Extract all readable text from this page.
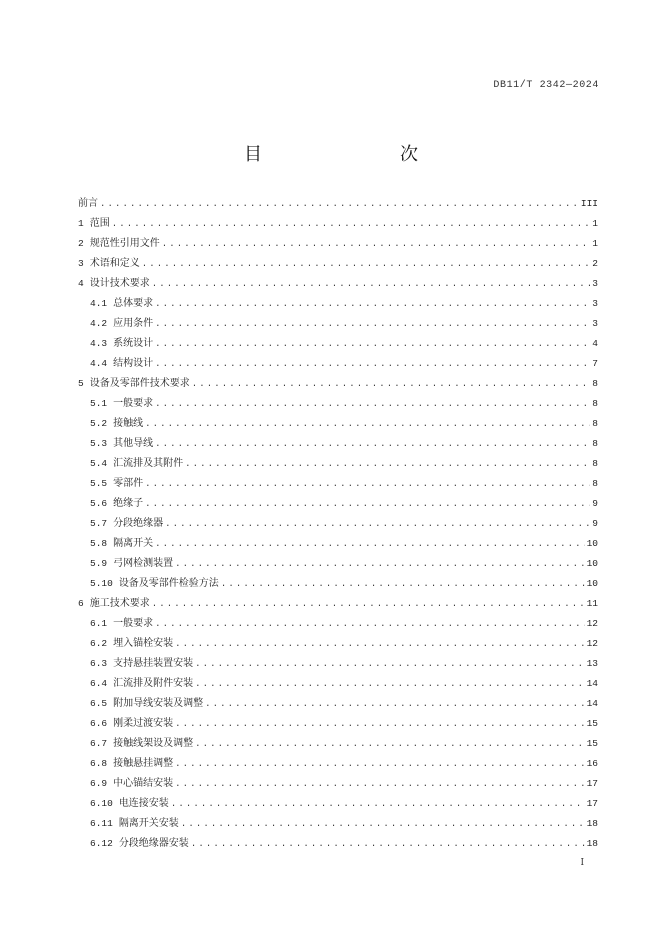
DB11/T 2342—2024
目　　次
前言 .....	III
1 范围 .....	1
2 规范性引用文件 .....	1
3 术语和定义 .....	2
4 设计技术要求 .....	3
4.1 总体要求 .....	3
4.2 应用条件 .....	3
4.3 系统设计 .....	4
4.4 结构设计 .....	7
5 设备及零部件技术要求 .....	8
5.1 一般要求 .....	8
5.2 接触线 .....	8
5.3 其他导线 .....	8
5.4 汇流排及其附件 .....	8
5.5 零部件 .....	8
5.6 绝缘子 .....	9
5.7 分段绝缘器 .....	9
5.8 隔离开关 .....	10
5.9 弓网检测装置 .....	10
5.10 设备及零部件检验方法 .....	10
6 施工技术要求 .....	11
6.1 一般要求 .....	12
6.2 埋入锚栓安装 .....	12
6.3 支持悬挂装置安装 .....	13
6.4 汇流排及附件安装 .....	14
6.5 附加导线安装及调整 .....	14
6.6 刚柔过渡安装 .....	15
6.7 接触线架设及调整 .....	15
6.8 接触悬挂调整 .....	16
6.9 中心锚结安装 .....	17
6.10 电连接安装 .....	17
6.11 隔离开关安装 .....	18
6.12 分段绝缘器安装 .....	18
I
